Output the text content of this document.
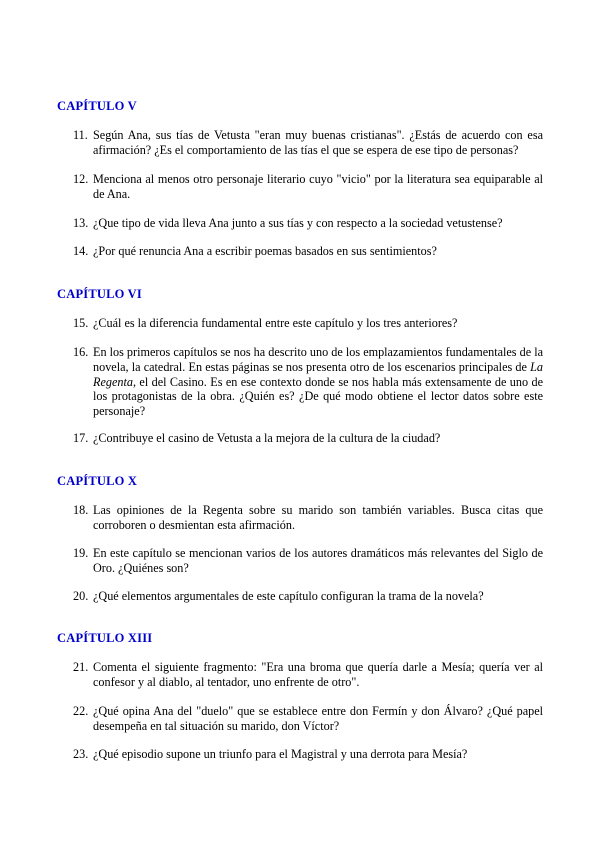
CAPÍTULO V
11. Según Ana, sus tías de Vetusta "eran muy buenas cristianas". ¿Estás de acuerdo con esa afirmación? ¿Es el comportamiento de las tías el que se espera de ese tipo de personas?
12. Menciona al menos otro personaje literario cuyo "vicio" por la literatura sea equiparable al de Ana.
13. ¿Que tipo de vida lleva Ana junto a sus tías y con respecto a la sociedad vetustense?
14. ¿Por qué renuncia Ana a escribir poemas basados en sus sentimientos?
CAPÍTULO VI
15. ¿Cuál es la diferencia fundamental entre este capítulo y los tres anteriores?
16. En los primeros capítulos se nos ha descrito uno de los emplazamientos fundamentales de la novela, la catedral. En estas páginas se nos presenta otro de los escenarios principales de La Regenta, el del Casino. Es en ese contexto donde se nos habla más extensamente de uno de los protagonistas de la obra. ¿Quién es? ¿De qué modo obtiene el lector datos sobre este personaje?
17. ¿Contribuye el casino de Vetusta a la mejora de la cultura de la ciudad?
CAPÍTULO X
18. Las opiniones de la Regenta sobre su marido son también variables. Busca citas que corroboren o desmientan esta afirmación.
19. En este capítulo se mencionan varios de los autores dramáticos más relevantes del Siglo de Oro. ¿Quiénes son?
20. ¿Qué elementos argumentales de este capítulo configuran la trama de la novela?
CAPÍTULO XIII
21. Comenta el siguiente fragmento: "Era una broma que quería darle a Mesía; quería ver al confesor y al diablo, al tentador, uno enfrente de otro".
22. ¿Qué opina Ana del "duelo" que se establece entre don Fermín y don Álvaro? ¿Qué papel desempeña en tal situación su marido, don Víctor?
23. ¿Qué episodio supone un triunfo para el Magistral y una derrota para Mesía?
